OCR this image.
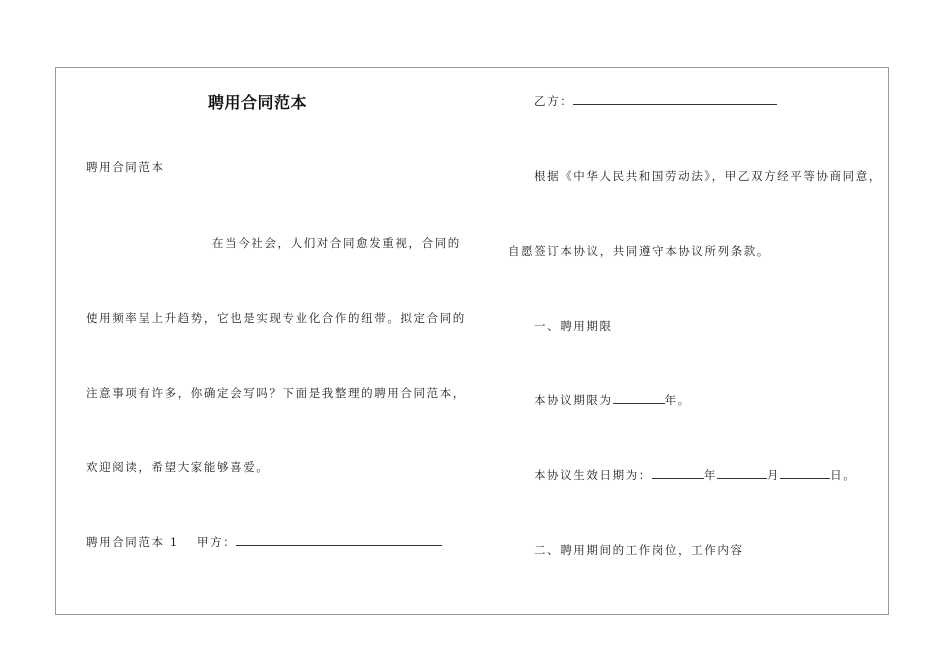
聘用合同范本
聘用合同范本
在当今社会，人们对合同愈发重视，合同的
使用频率呈上升趋势，它也是实现专业化合作的纽带。拟定合同的
注意事项有许多，你确定会写吗？下面是我整理的聘用合同范本，
欢迎阅读，希望大家能够喜爱。
聘用合同范本 1 甲方：
乙方：
根据《中华人民共和国劳动法》，甲乙双方经平等协商同意，
自愿签订本协议，共同遵守本协议所列条款。
一、聘用期限
本协议期限为	年。
本协议生效日期为：	年	月	日。
二、聘用期间的工作岗位，工作内容
